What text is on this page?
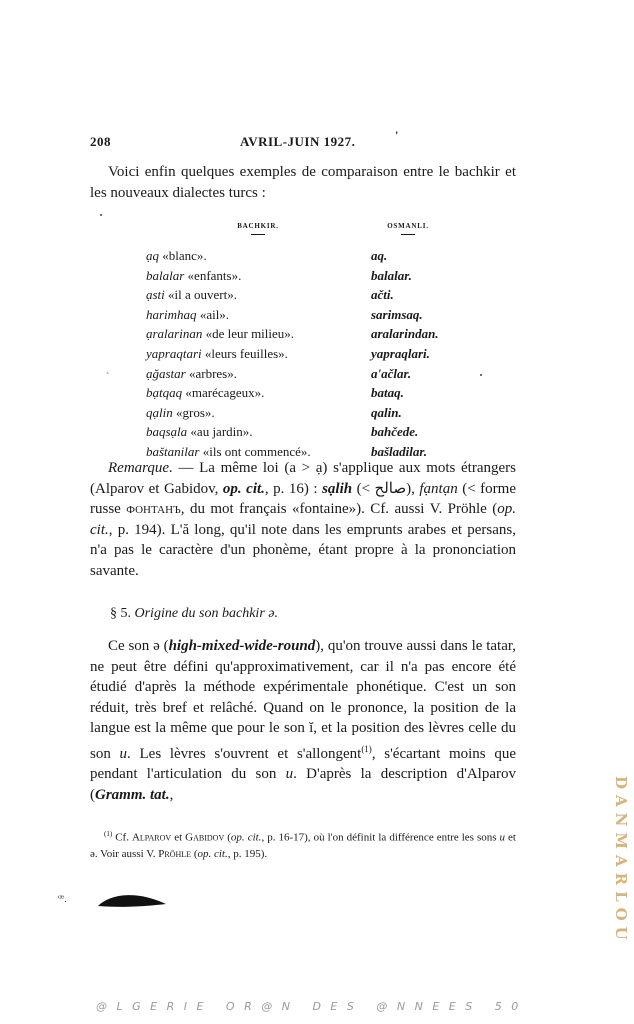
208	AVRIL-JUIN 1927.	'

Voici enfin quelques exemples de comparaison entre le bachkir et les nouveaux dialectes turcs :

BACHKIR.	OSMANLI.
ạq «blanc».	aq.
balalar «enfants».	balalar.
ạsti «il a ouvert».	ačti.
harimhaq «ail».	sarimsaq.
ạralarinan «de leur milieu».	aralarindan.
yapraqtari «leurs feuilles».	yapraqlari.
ạğastar «arbres».	a'ačlar.
bạtqaq «marécageux».	bataq.
qạlin «gros».	qalin.
baqsạla «au jardin».	bahčede.
baštanilar «ils ont commencé».	bašladilar.
`

Remarque. — La même loi (a > ạ) s'applique aux mots étrangers (Alparov et Gabidov, op. cit., p. 16) : sạlih (< صالح), fạntạn (< forme russe фонтанъ, du mot français «fontaine»). Cf. aussi V. Pröhle (op. cit., p. 194). L'ă long, qu'il note dans les emprunts arabes et persans, n'a pas le caractère d'un phonème, étant propre à la prononciation savante.

§ 5. Origine du son bachkir ə.

Ce son ə (high-mixed-wide-round), qu'on trouve aussi dans le tatar, ne peut être défini qu'approximativement, car il n'a pas encore été étudié d'après la méthode expérimentale phonétique. C'est un son réduit, très bref et relâché. Quand on le prononce, la position de la langue est la même que pour le son ĭ, et la position des lèvres celle du son u. Les lèvres s'ouvrent et s'allongent$^{(1)}$, s'écartant moins que pendant l'articulation du son u. D'après la description d'Alparov (Gramm. tat.,

$^{(1)}$ Cf. Alparov et Gabidov (op. cit., p. 16-17), où l'on définit la différence entre les sons u et ə. Voir aussi V. Pröhle (op. cit., p. 195).

ꟹ.	DANMARLOU
@LGERIE OR@N DES @NNEES 50
